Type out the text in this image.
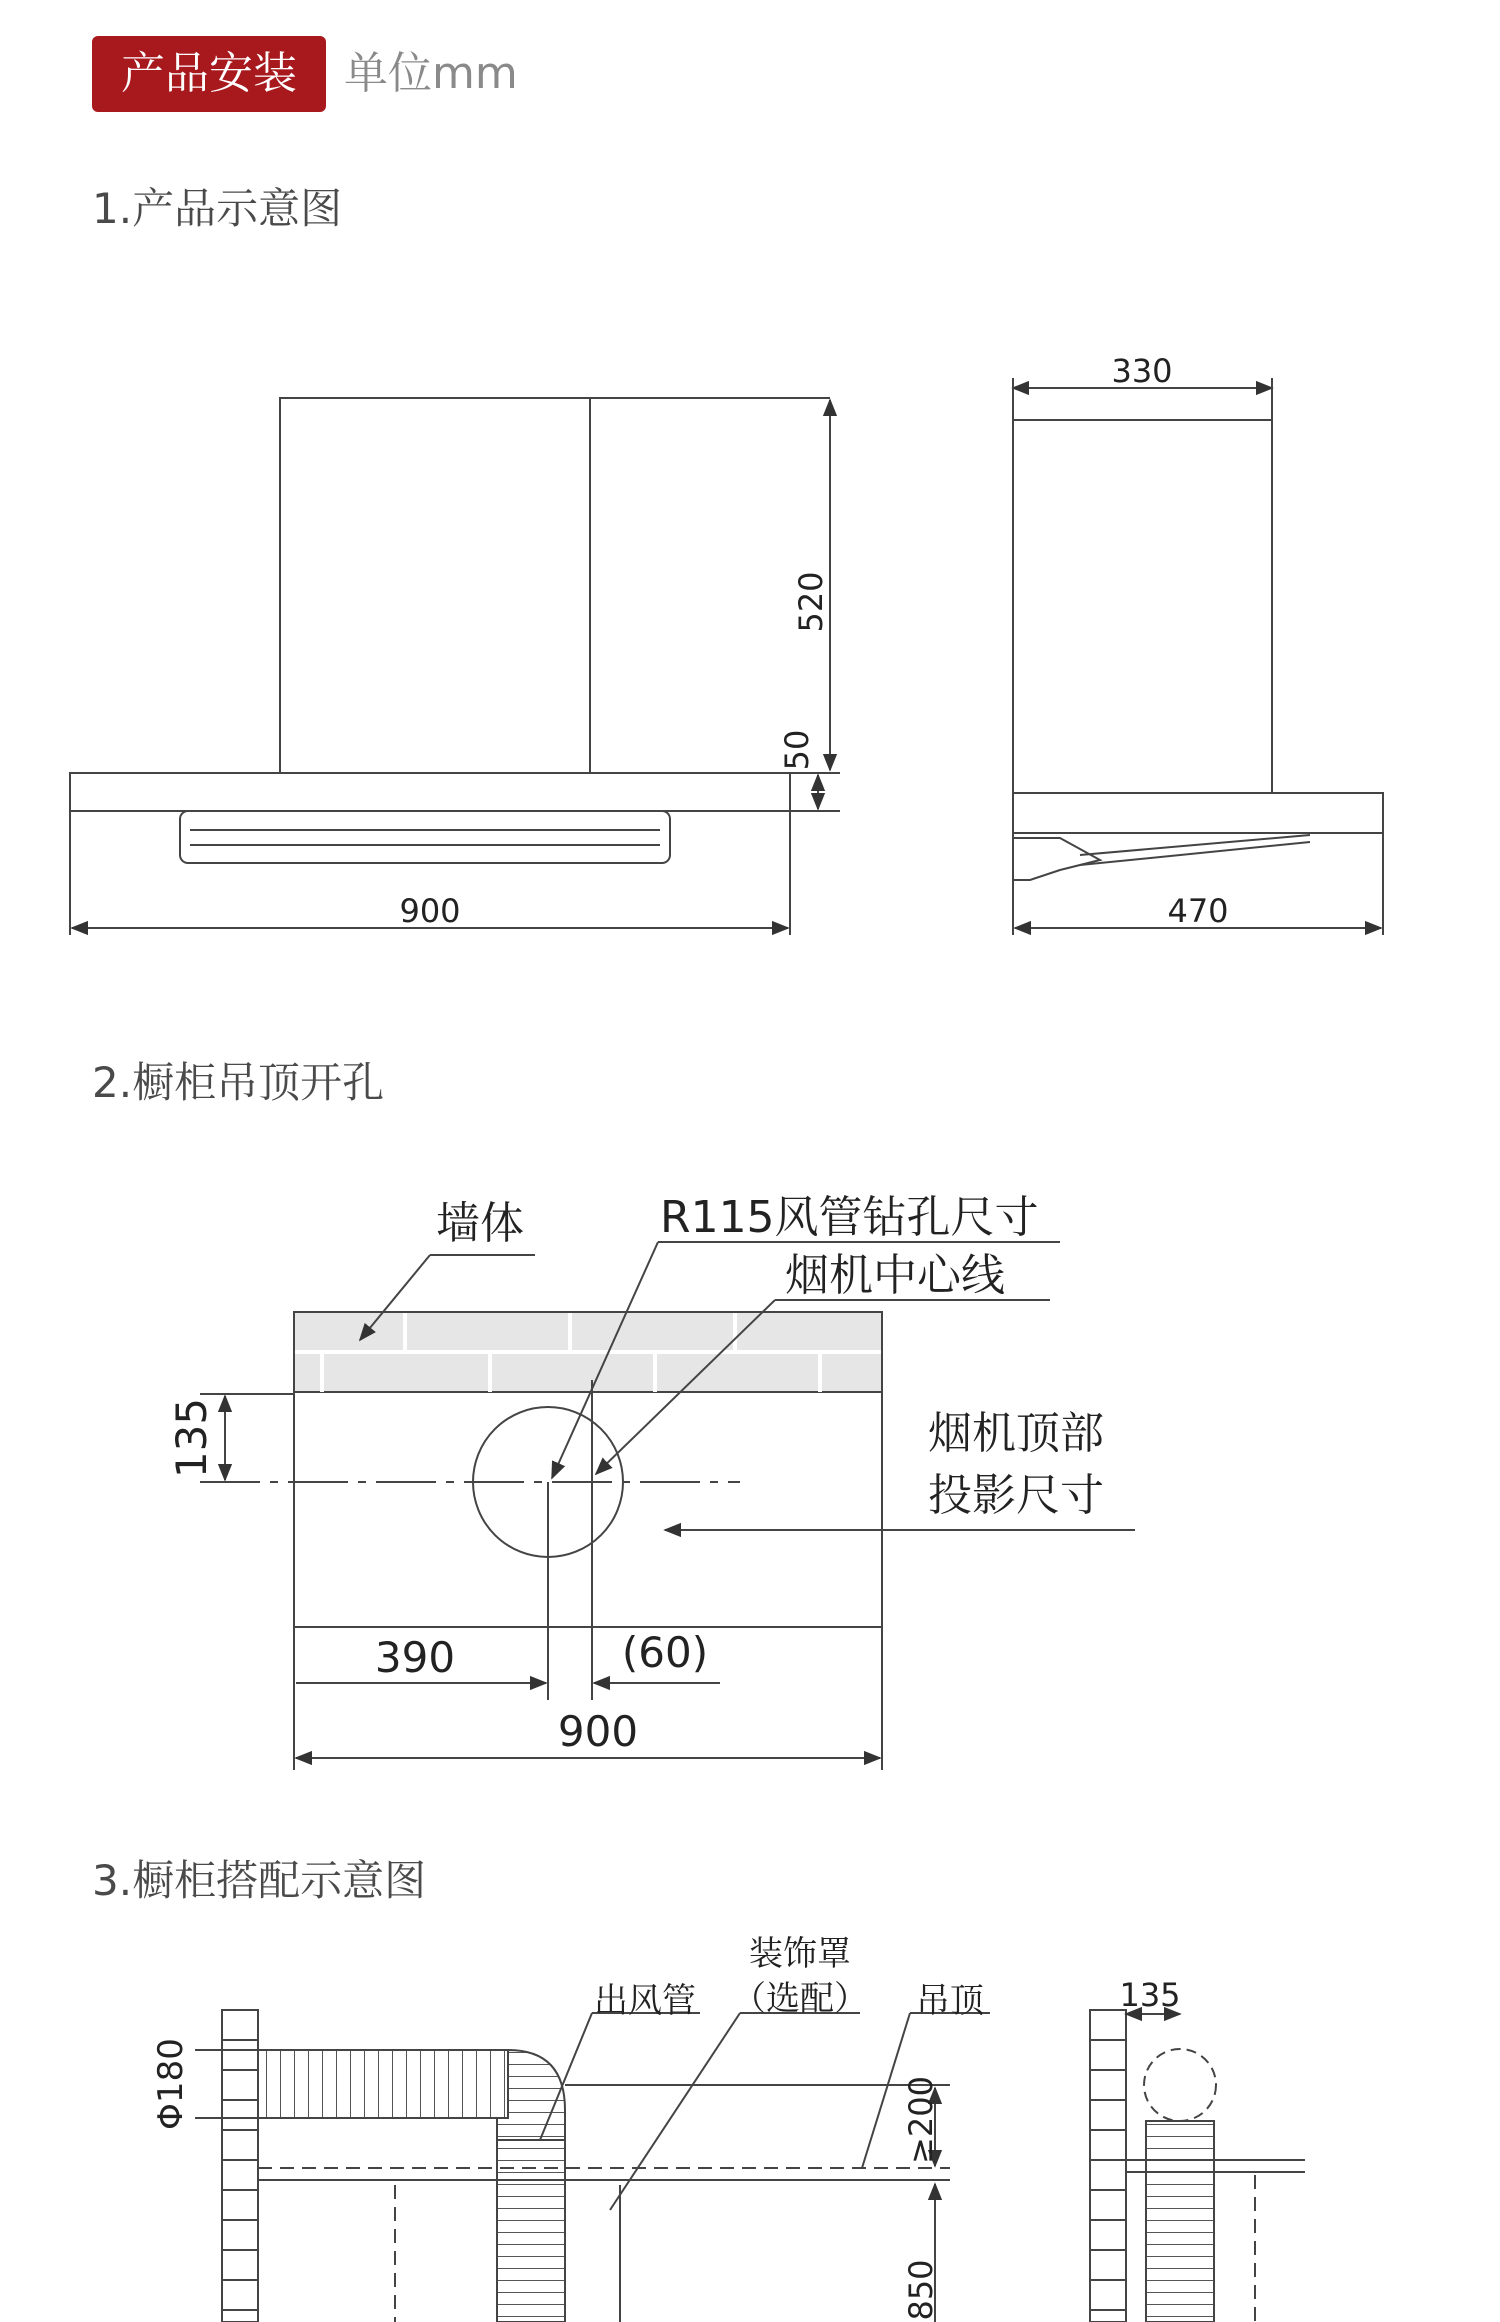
产品安装	单位mm
1.产品示意图
2.橱柜吊顶开孔
3.橱柜搭配示意图
900
520
50
330
470
墙体	R115风管钻孔尺寸
烟机中心线
烟机顶部
投影尺寸
135
390	(60)
900
Φ180
出风管
装饰罩
（选配） 吊顶
≥200
850
135
